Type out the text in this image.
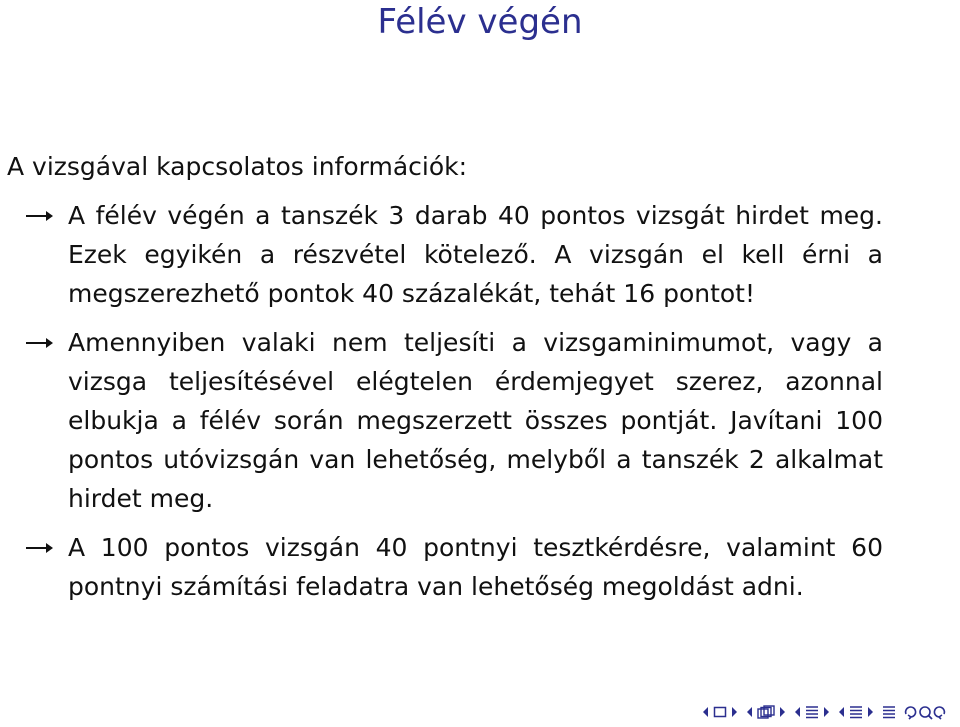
Félév végén

A vizsgával kapcsolatos információk:

A félév végén a tanszék 3 darab 40 pontos vizsgát hirdet meg. Ezek egyikén a részvétel kötelező. A vizsgán el kell érni a megszerezhető pontok 40 százalékát, tehát 16 pontot!
Amennyiben valaki nem teljesíti a vizsgaminimumot, vagy a vizsga teljesítésével elégtelen érdemjegyet szerez, azonnal elbukja a félév során megszerzett összes pontját. Javítani 100 pontos utóvizsgán van lehetőség, melyből a tanszék 2 alkalmat hirdet meg.
A 100 pontos vizsgán 40 pontnyi tesztkérdésre, valamint 60 pontnyi számítási feladatra van lehetőség megoldást adni.
